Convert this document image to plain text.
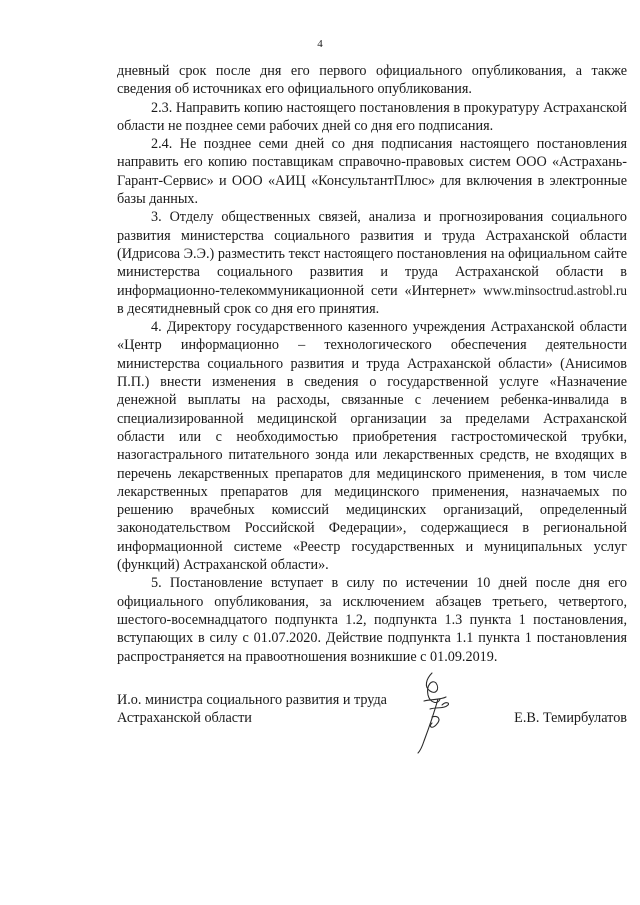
4

дневный срок после дня его первого официального опубликования, а также сведения об источниках его официального опубликования.

2.3. Направить копию настоящего постановления в прокуратуру Астраханской области не позднее семи рабочих дней со дня его подписания.

2.4. Не позднее семи дней со дня подписания настоящего постановления направить его копию поставщикам справочно-правовых систем ООО «Астрахань-Гарант-Сервис» и ООО «АИЦ «КонсультантПлюс» для включения в электронные базы данных.

3. Отделу общественных связей, анализа и прогнозирования социального развития министерства социального развития и труда Астраханской области (Идрисова Э.Э.) разместить текст настоящего постановления на официальном сайте министерства социального развития и труда Астраханской области в информационно-телекоммуникационной сети «Интернет» www.minsoctrud.astrobl.ru в десятидневный срок со дня его принятия.

4. Директору государственного казенного учреждения Астраханской области «Центр информационно – технологического обеспечения деятельности министерства социального развития и труда Астраханской области» (Анисимов П.П.) внести изменения в сведения о государственной услуге «Назначение денежной выплаты на расходы, связанные с лечением ребенка-инвалида в специализированной медицинской организации за пределами Астраханской области или с необходимостью приобретения гастростомической трубки, назогастрального питательного зонда или лекарственных средств, не входящих в перечень лекарственных препаратов для медицинского применения, в том числе лекарственных препаратов для медицинского применения, назначаемых по решению врачебных комиссий медицинских организаций, определенный законодательством Российской Федерации», содержащиеся в региональной информационной системе «Реестр государственных и муниципальных услуг (функций) Астраханской области».

5. Постановление вступает в силу по истечении 10 дней после дня его официального опубликования, за исключением абзацев третьего, четвертого, шестого-восемнадцатого подпункта 1.2, подпункта 1.3 пункта 1 постановления, вступающих в силу с 01.07.2020. Действие подпункта 1.1 пункта 1 постановления распространяется на правоотношения возникшие с 01.09.2019.

И.о. министра социального развития и труда Астраханской области	Е.В. Темирбулатов
